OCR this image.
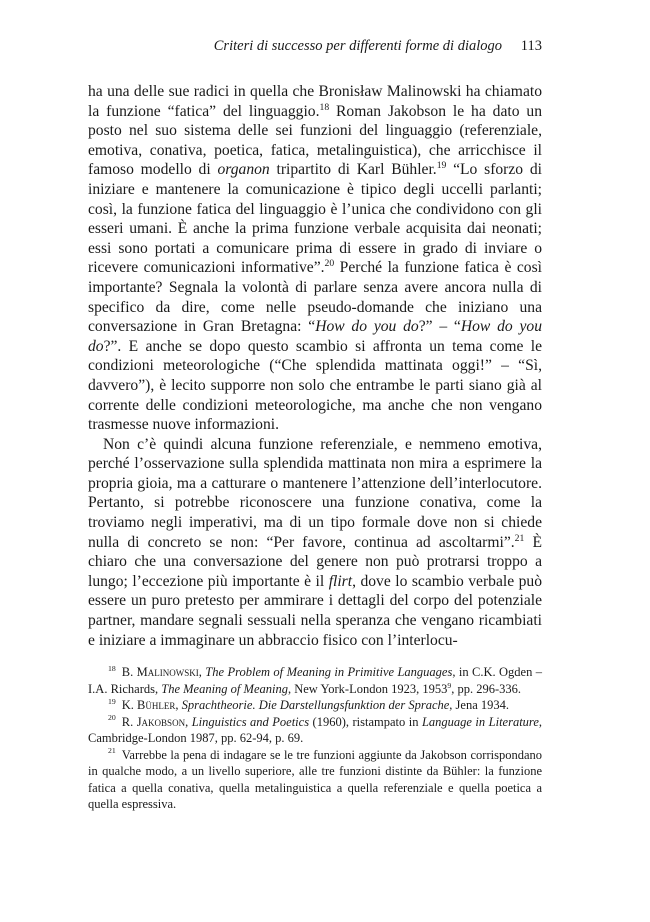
Criteri di successo per differenti forme di dialogo 113

ha una delle sue radici in quella che Bronisław Malinowski ha chiamato la funzione “fatica” del linguaggio.$^{18}$ Roman Jakobson le ha dato un posto nel suo sistema delle sei funzioni del linguaggio (referenziale, emotiva, conativa, poetica, fatica, metalinguistica), che arricchisce il famoso modello di organon tripartito di Karl Bühler.$^{19}$ “Lo sforzo di iniziare e mantenere la comunicazione è tipico degli uccelli parlanti; così, la funzione fatica del linguaggio è l’unica che condividono con gli esseri umani. È anche la prima funzione verbale acquisita dai neonati; essi sono portati a comunicare prima di essere in grado di inviare o ricevere comunicazioni informative”.$^{20}$ Perché la funzione fatica è così importante? Segnala la volontà di parlare senza avere ancora nulla di specifico da dire, come nelle pseudo-domande che iniziano una conversazione in Gran Bretagna: “How do you do?” – “How do you do?”. E anche se dopo questo scambio si affronta un tema come le condizioni meteorologiche (“Che splendida mattinata oggi!” – “Sì, davvero”), è lecito supporre non solo che entrambe le parti siano già al corrente delle condizioni meteorologiche, ma anche che non vengano trasmesse nuove informazioni.

Non c’è quindi alcuna funzione referenziale, e nemmeno emotiva, perché l’osservazione sulla splendida mattinata non mira a esprimere la propria gioia, ma a catturare o mantenere l’attenzione dell’interlocutore. Pertanto, si potrebbe riconoscere una funzione conativa, come la troviamo negli imperativi, ma di un tipo formale dove non si chiede nulla di concreto se non: “Per favore, continua ad ascoltarmi”.$^{21}$ È chiaro che una conversazione del genere non può protrarsi troppo a lungo; l’eccezione più importante è il flirt, dove lo scambio verbale può essere un puro pretesto per ammirare i dettagli del corpo del potenziale partner, mandare segnali sessuali nella speranza che vengano ricambiati e iniziare a immaginare un abbraccio fisico con l’interlocu-

$^{18}$ B. Malinowski, The Problem of Meaning in Primitive Languages, in C.K. Ogden – I.A. Richards, The Meaning of Meaning, New York-London 1923, 1953$^9$, pp. 296-336.

$^{19}$ K. Bühler, Sprachtheorie. Die Darstellungsfunktion der Sprache, Jena 1934.

$^{20}$ R. Jakobson, Linguistics and Poetics (1960), ristampato in Language in Literature, Cambridge-London 1987, pp. 62-94, p. 69.

$^{21}$ Varrebbe la pena di indagare se le tre funzioni aggiunte da Jakobson corrispondano in qualche modo, a un livello superiore, alle tre funzioni distinte da Bühler: la funzione fatica a quella conativa, quella metalinguistica a quella referenziale e quella poetica a quella espressiva.
